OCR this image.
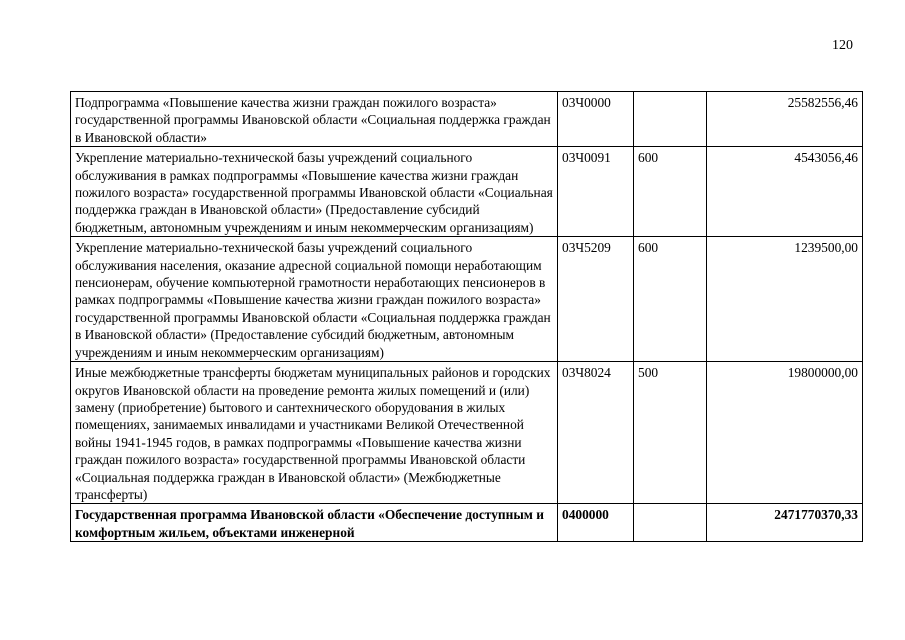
120
Подпрограмма «Повышение качества жизни граждан пожилого возраста» государственной программы Ивановской области «Социальная поддержка граждан в Ивановской области»	03Ч0000		25582556,46
Укрепление материально-технической базы учреждений социального обслуживания в рамках подпрограммы «Повышение качества жизни граждан пожилого возраста» государственной программы Ивановской области «Социальная поддержка граждан в Ивановской области» (Предоставление субсидий бюджетным, автономным учреждениям и иным некоммерческим организациям)	03Ч0091	600	4543056,46
Укрепление материально-технической базы учреждений социального обслуживания населения, оказание адресной социальной помощи неработающим пенсионерам, обучение компьютерной грамотности неработающих пенсионеров в рамках подпрограммы «Повышение качества жизни граждан пожилого возраста» государственной программы Ивановской области «Социальная поддержка граждан в Ивановской области» (Предоставление субсидий бюджетным, автономным учреждениям и иным некоммерческим организациям)	03Ч5209	600	1239500,00
Иные межбюджетные трансферты бюджетам муниципальных районов и городских округов Ивановской области на проведение ремонта жилых помещений и (или) замену (приобретение) бытового и сантехнического оборудования в жилых помещениях, занимаемых инвалидами и участниками Великой Отечественной войны 1941-1945 годов, в рамках подпрограммы «Повышение качества жизни граждан пожилого возраста» государственной программы Ивановской области «Социальная поддержка граждан в Ивановской области» (Межбюджетные трансферты)	03Ч8024	500	19800000,00
Государственная программа Ивановской области «Обеспечение доступным и комфортным жильем, объектами инженерной	0400000		2471770370,33
